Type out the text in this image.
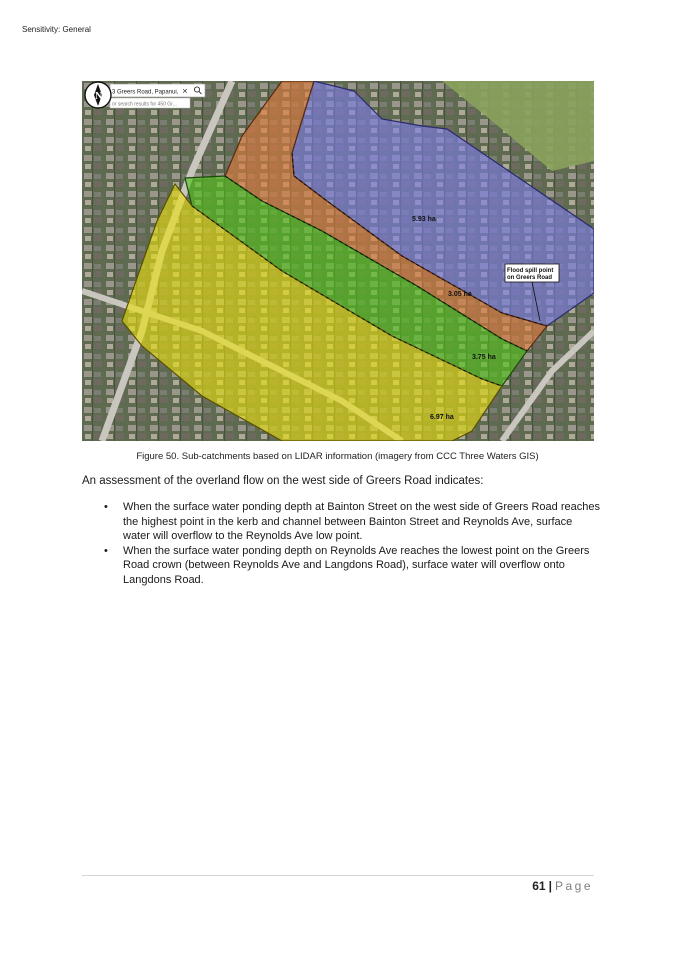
Sensitivity: General
5.93 ha
3.05 ha
3.75 ha
6.97 ha
Flood spill point
on Greers Road
3 Greers Road, Papanui, ✕
or search results for 450 Gr...
N
Figure 50. Sub-catchments based on LIDAR information (imagery from CCC Three Waters GIS)
An assessment of the overland flow on the west side of Greers Road indicates:
• When the surface water ponding depth at Bainton Street on the west side of Greers Road reaches the highest point in the kerb and channel between Bainton Street and Reynolds Ave, surface water will overflow to the Reynolds Ave low point.
• When the surface water ponding depth on Reynolds Ave reaches the lowest point on the Greers Road crown (between Reynolds Ave and Langdons Road), surface water will overflow onto Langdons Road.
61 | Page
